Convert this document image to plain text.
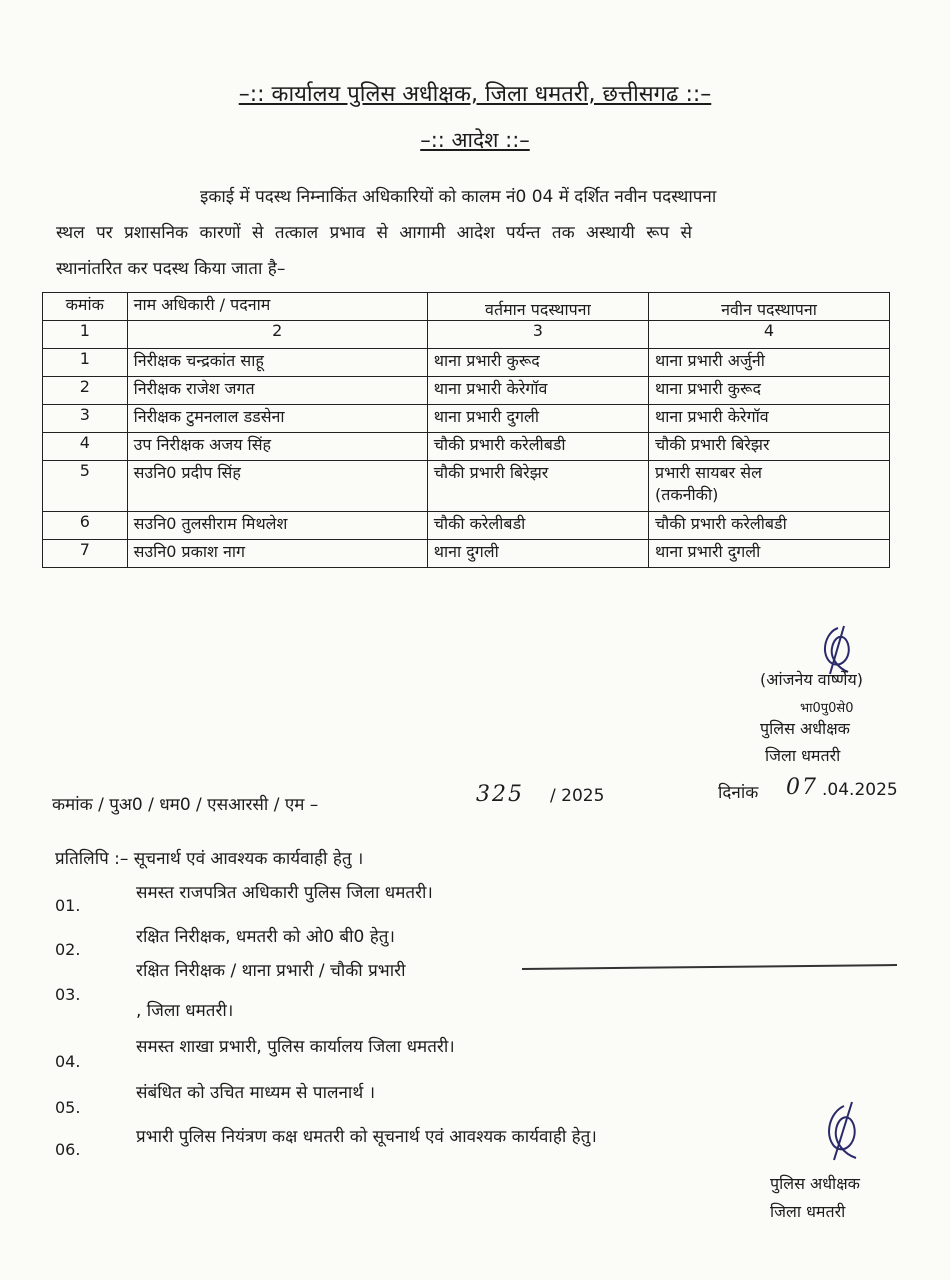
–:: कार्यालय पुलिस अधीक्षक, जिला धमतरी, छत्तीसगढ ::–
–:: आदेश ::–
इकाई में पदस्थ निम्नाकिंत अधिकारियों को कालम नं0 04 में दर्शित नवीन पदस्थापना
स्थल पर प्रशासनिक कारणों से तत्काल प्रभाव से आगामी आदेश पर्यन्त तक अस्थायी रूप से
स्थानांतरित कर पदस्थ किया जाता है–
कमांक	नाम अधिकारी / पदनाम	वर्तमान पदस्थापना	नवीन पदस्थापना
1	2	3	4
1	निरीक्षक चन्द्रकांत साहू	थाना प्रभारी कुरूद	थाना प्रभारी अर्जुनी
2	निरीक्षक राजेश जगत	थाना प्रभारी केरेगॉव	थाना प्रभारी कुरूद
3	निरीक्षक टुमनलाल डडसेना	थाना प्रभारी दुगली	थाना प्रभारी केरेगॉव
4	उप निरीक्षक अजय सिंह	चौकी प्रभारी करेलीबडी	चौकी प्रभारी बिरेझर
5	सउनि0 प्रदीप सिंह	चौकी प्रभारी बिरेझर	प्रभारी सायबर सेल
(तकनीकी)

6	सउनि0 तुलसीराम मिथलेश	चौकी करेलीबडी	चौकी प्रभारी करेलीबडी
7	सउनि0 प्रकाश नाग	थाना दुगली	थाना प्रभारी दुगली
(आंजनेय वार्ष्णेय)
भा0पु0से0
पुलिस अधीक्षक
जिला धमतरी
कमांक / पुअ0 / धम0 / एसआरसी / एम –	325 / 2025	दिनांक 07 .04.2025
प्रतिलिपि :– सूचनार्थ एवं आवश्यक कार्यवाही हेतु ।
01.
समस्त राजपत्रित अधिकारी पुलिस जिला धमतरी।
02.
रक्षित निरीक्षक, धमतरी को ओ0 बी0 हेतु।
03.
रक्षित निरीक्षक / थाना प्रभारी / चौकी प्रभारी
, जिला धमतरी।
04.
समस्त शाखा प्रभारी, पुलिस कार्यालय जिला धमतरी।
05.
संबंधित को उचित माध्यम से पालनार्थ ।
06.
प्रभारी पुलिस नियंत्रण कक्ष धमतरी को सूचनार्थ एवं आवश्यक कार्यवाही हेतु।
पुलिस अधीक्षक
जिला धमतरी
